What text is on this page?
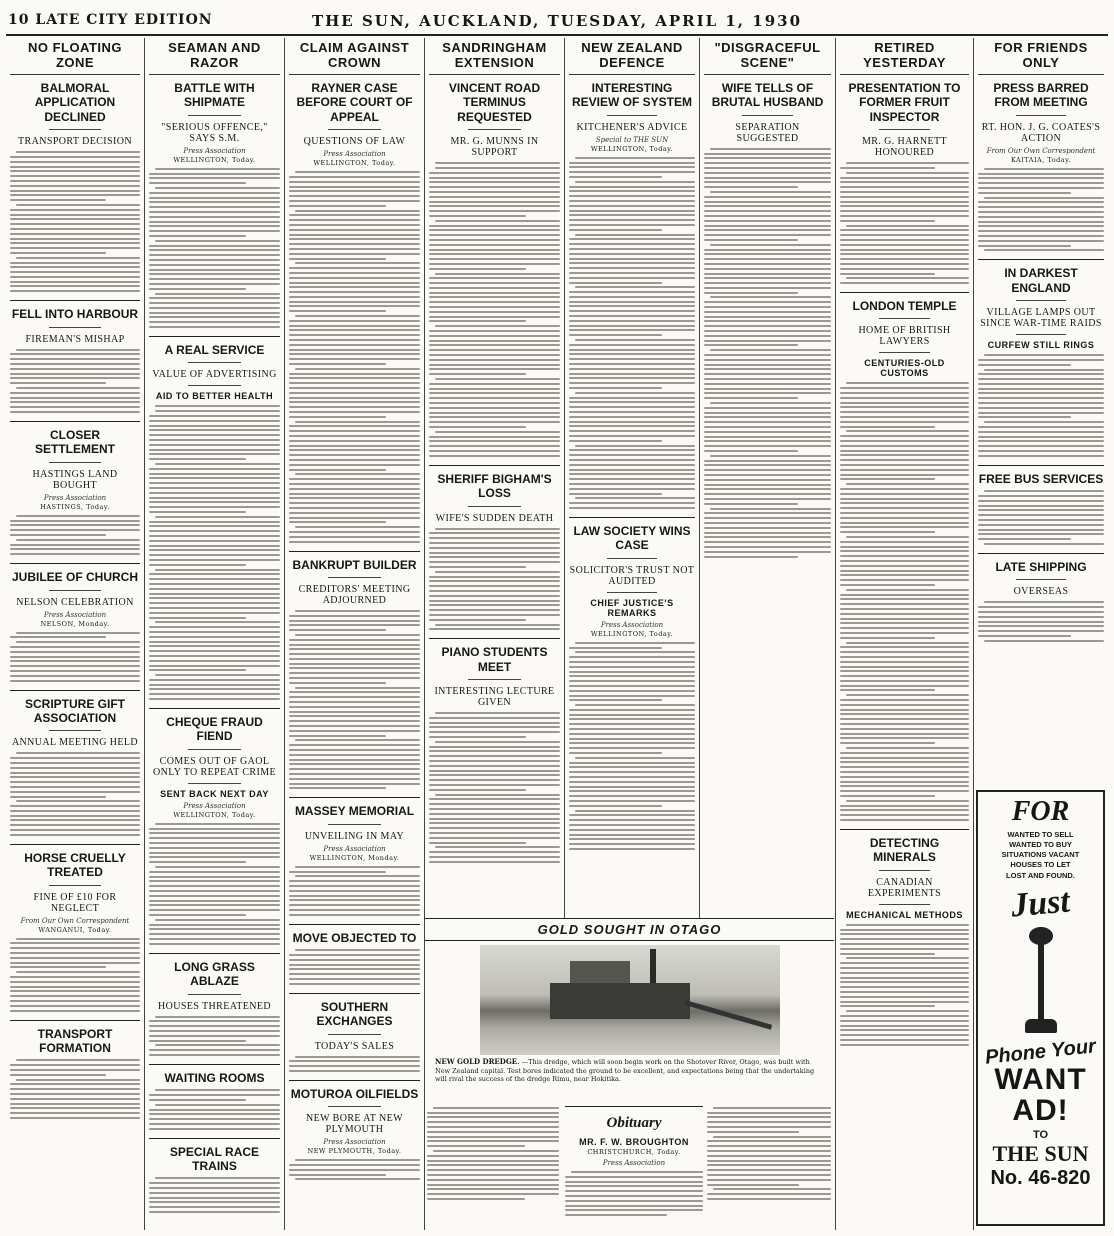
10 LATE CITY EDITION	THE SUN, AUCKLAND, TUESDAY, APRIL 1, 1930
NO FLOATING ZONE
BALMORAL APPLICATION DECLINED
TRANSPORT DECISION
FELL INTO HARBOUR
FIREMAN'S MISHAP
CLOSER SETTLEMENT
HASTINGS LAND BOUGHT
Press Association
HASTINGS, Today.
JUBILEE OF CHURCH
NELSON CELEBRATION
Press Association
NELSON, Monday.
SCRIPTURE GIFT ASSOCIATION
ANNUAL MEETING HELD
HORSE CRUELLY TREATED
FINE OF £10 FOR NEGLECT
From Our Own Correspondent
WANGANUI, Today.
TRANSPORT FORMATION
SEAMAN AND RAZOR
BATTLE WITH SHIPMATE
"SERIOUS OFFENCE," SAYS S.M.
Press Association
WELLINGTON, Today.
A REAL SERVICE
VALUE OF ADVERTISING
AID TO BETTER HEALTH
CHEQUE FRAUD FIEND
COMES OUT OF GAOL ONLY TO REPEAT CRIME
SENT BACK NEXT DAY
Press Association
WELLINGTON, Today.
LONG GRASS ABLAZE
HOUSES THREATENED
WAITING ROOMS
SPECIAL RACE TRAINS
CLAIM AGAINST CROWN
RAYNER CASE BEFORE COURT OF APPEAL
QUESTIONS OF LAW
Press Association
WELLINGTON, Today.
BANKRUPT BUILDER
CREDITORS' MEETING ADJOURNED
MASSEY MEMORIAL
UNVEILING IN MAY
Press Association
WELLINGTON, Monday.
MOVE OBJECTED TO
SOUTHERN EXCHANGES
TODAY'S SALES
MOTUROA OILFIELDS
NEW BORE AT NEW PLYMOUTH
Press Association
NEW PLYMOUTH, Today.
SANDRINGHAM EXTENSION
VINCENT ROAD TERMINUS REQUESTED
MR. G. MUNNS IN SUPPORT
SHERIFF BIGHAM'S LOSS
WIFE'S SUDDEN DEATH
PIANO STUDENTS MEET
INTERESTING LECTURE GIVEN
NEW ZEALAND DEFENCE
INTERESTING REVIEW OF SYSTEM
KITCHENER'S ADVICE
Special to THE SUN
WELLINGTON, Today.
LAW SOCIETY WINS CASE
SOLICITOR'S TRUST NOT AUDITED
CHIEF JUSTICE'S REMARKS
Press Association
WELLINGTON, Today.
"DISGRACEFUL SCENE"
WIFE TELLS OF BRUTAL HUSBAND
SEPARATION SUGGESTED
RETIRED YESTERDAY
PRESENTATION TO FORMER FRUIT INSPECTOR
MR. G. HARNETT HONOURED
LONDON TEMPLE
HOME OF BRITISH LAWYERS
CENTURIES-OLD CUSTOMS
DETECTING MINERALS
CANADIAN EXPERIMENTS
MECHANICAL METHODS
FOR FRIENDS ONLY
PRESS BARRED FROM MEETING
RT. HON. J. G. COATES'S ACTION
From Our Own Correspondent
KAITAIA, Today.
IN DARKEST ENGLAND
VILLAGE LAMPS OUT SINCE WAR-TIME RAIDS
CURFEW STILL RINGS
FREE BUS SERVICES
LATE SHIPPING
OVERSEAS
GOLD SOUGHT IN OTAGO
NEW GOLD DREDGE. —This dredge, which will soon begin work on the Shotover River, Otago, was built with New Zealand capital. Test bores indicated the ground to be excellent, and expectations being that the undertaking will rival the success of the dredge Rimu, near Hokitika.
Obituary
MR. F. W. BROUGHTON
CHRISTCHURCH, Today.
Press Association
FOR
WANTED TO SELL
WANTED TO BUY
SITUATIONS VACANT
HOUSES TO LET
LOST AND FOUND.
Just
Phone Your
WANT AD!
TO
THE SUN
No. 46-820
